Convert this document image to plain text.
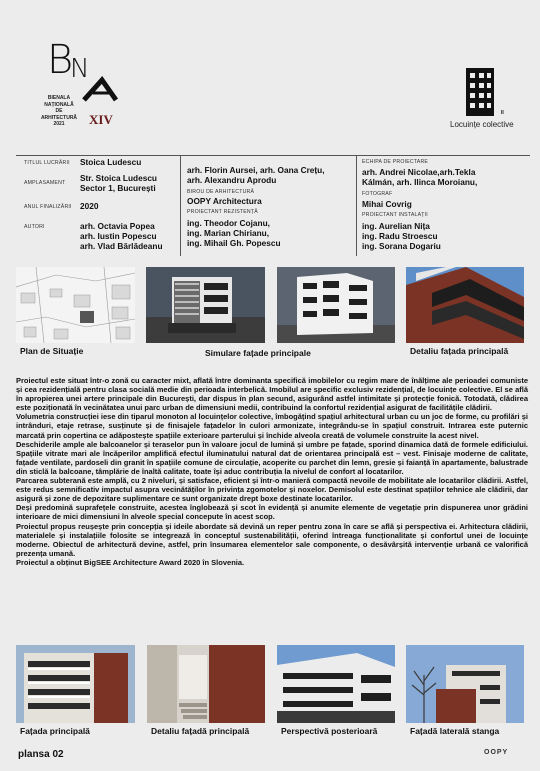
B
N
BIENALA
NAȚIONALĂ
DE
ARHITECTURĂ
2021	XIV	II
Locuințe colective
TITLUL LUCRĂRII Stoica Ludescu
AMPLASAMENT Str. Stoica Ludescu
Sector 1, București
ANUL FINALIZĂRII 2020
AUTORI	arh. Octavia Popea
arh. Iustin Popescu
arh. Vlad Bărlădeanu
arh. Florin Aursei, arh. Oana Crețu,
arh. Alexandru Aprodu
BIROU DE ARHITECTURĂ
OOPY Architectura
PROIECTANT REZISTENȚĂ
ing. Theodor Cojanu,
ing. Marian Chirianu,
ing. Mihail Gh. Popescu
ECHIPA DE PROIECTARE
arh. Andrei Nicolae,arh.Tekla
Kálmán, arh. Ilinca Moroianu,
FOTOGRAF
Mihai Covrig
PROIECTANT INSTALAȚII
ing. Aurelian Nița
ing. Radu Stroescu
ing. Sorana Dogariu
Plan de Situație	Simulare fațade principale	Detaliu fațada principală

Proiectul este situat într-o zonă cu caracter mixt, aflată între dominanta specifică imobilelor cu regim mare de înălțime ale perioadei comuniste și cea rezidențială pentru clasa socială medie din perioada interbelică. Imobilul are specific exclusiv rezidențial, de locuințe colective. El se află în apropierea unei artere principale din București, dar dispus în plan secund, asigurând astfel intimitate și protecție fonică. Totodată, clădirea este poziționată în vecinătatea unui parc urban de dimensiuni medii, contribuind la confortul rezidențial asigurat de facilitățile clădirii.

Volumetria construcției iese din tiparul monoton al locuințelor colective, îmbogățind spațiul arhitectural urban cu un joc de forme, cu profilări și intrânduri, etaje retrase, susținute și de finisajele fațadelor în culori armonizate, integrându-se în spațiul construit. Intrarea este puternic marcată prin copertina ce adăpostește spațiile exterioare parterului și închide alveola creată de volumele construite la acest nivel.

Deschiderile ample ale balcoanelor și teraselor pun în valoare jocul de lumină și umbre pe fațade, sporind dinamica dată de formele edificiului. Spațiile vitrate mari ale încăperilor amplifică efectul iluminatului natural dat de orientarea principală est – vest. Finisaje moderne de calitate, fațade ventilate, pardoseli din granit în spațiile comune de circulație, acoperite cu parchet din lemn, gresie și faianță în apartamente, balustrade din sticlă la balcoane, tâmplărie de înaltă calitate, toate își aduc contribuția la nivelul de confort al locatarilor.

Parcarea subterană este amplă, cu 2 niveluri, și satisface, eficient și într-o manieră compactă nevoile de mobilitate ale locatarilor clădirii. Astfel, este redus semnificativ impactul asupra vecinătăților în privința zgomotelor și noxelor. Demisolul este destinat spațiilor tehnice ale clădirii, dar asigură și zone de depozitare suplimentare ce sunt organizate drept boxe destinate locatarilor.

Deși predomină suprafețele construite, acestea înglobează și scot în evidență și anumite elemente de vegetație prin dispunerea unor grădini interioare de mici dimensiuni în alveole special concepute în acest scop.

Proiectul propus reușește prin concepția și ideile abordate să devină un reper pentru zona în care se află și perspectiva ei. Arhitectura clădirii, materialele și instalațiile folosite se integrează în conceptul sustenabilității, oferind întreaga funcționalitate și confortul unei de locuințe moderne. Obiectul de arhitectură devine, astfel, prin însumarea elementelor sale componente, o desăvârșită intervenție urbană ce valorifică prezența umană.

Proiectul a obținut BigSEE Architecture Award 2020 în Slovenia.

Fațada principală	Detaliu fațadă principală	Perspectivă posterioară	Fațadă laterală stanga
plansa 02	OOPY
